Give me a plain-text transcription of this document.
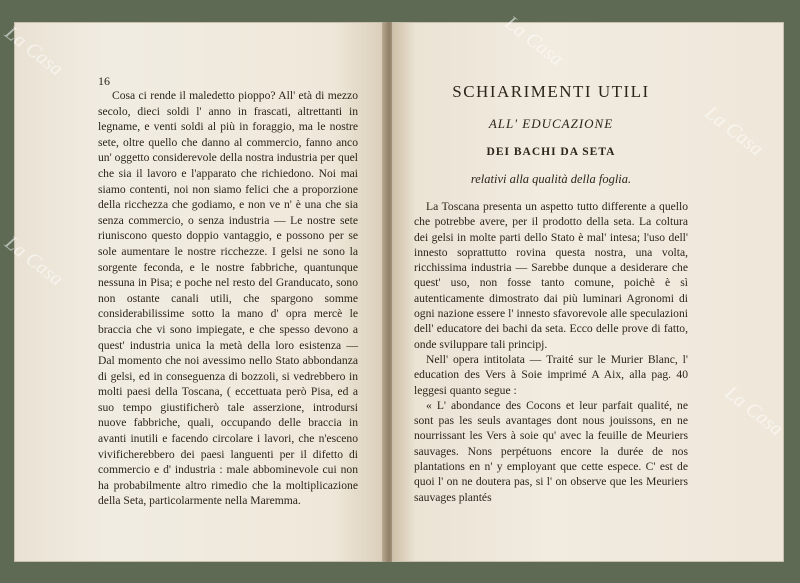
16

Cosa ci rende il maledetto pioppo? All' età di mezzo secolo, dieci soldi l' anno in frascati, altrettanti in legname, e venti soldi al più in foraggio, ma le nostre sete, oltre quello che danno al commercio, fanno anco un' oggetto considerevole della nostra industria per quel che sia il lavoro e l'apparato che richiedono. Noi mai siamo contenti, noi non siamo felici che a proporzione della ricchezza che godiamo, e non ve n' è una che sia senza commercio, o senza industria — Le nostre sete riuniscono questo doppio vantaggio, e possono per se sole aumentare le nostre ricchezze. I gelsi ne sono la sorgente feconda, e le nostre fabbriche, quantunque nessuna in Pisa; e poche nel resto del Granducato, sono non ostante canali utili, che spargono somme considerabilissime sotto la mano d' opra mercè le braccia che vi sono impiegate, e che spesso devono a quest' industria unica la metà della loro esistenza — Dal momento che noi avessimo nello Stato abbondanza di gelsi, ed in conseguenza di bozzoli, si vedrebbero in molti paesi della Toscana, ( eccettuata però Pisa, ed a suo tempo giustificherò tale asserzione, introdursi nuove fabbriche, quali, occupando delle braccia in avanti inutili e facendo circolare i lavori, che n'esceno vivificherebbero dei paesi languenti per il difetto di commercio e d' industria : male abbominevole cui non ha probabilmente altro rimedio che la moltiplicazione della Seta, particolarmente nella Maremma.

SCHIARIMENTI UTILI
ALL' EDUCAZIONE
DEI BACHI DA SETA
relativi alla qualità della foglia.

La Toscana presenta un aspetto tutto differente a quello che potrebbe avere, per il prodotto della seta. La coltura dei gelsi in molte parti dello Stato è mal' intesa; l'uso dell' innesto soprattutto rovina questa nostra, una volta, ricchissima industria — Sarebbe dunque a desiderare che quest' uso, non fosse tanto comune, poichè è sì autenticamente dimostrato dai più luminari Agronomi di ogni nazione essere l' innesto sfavorevole alle speculazioni dell' educatore dei bachi da seta. Ecco delle prove di fatto, onde sviluppare tali principj.

Nell' opera intitolata — Traité sur le Murier Blanc, l' education des Vers à Soie imprimé A Aix, alla pag. 40 leggesi quanto segue :

« L' abondance des Cocons et leur parfait qualité, ne sont pas les seuls avantages dont nous jouissons, en ne nourrissant les Vers à soie qu' avec la feuille de Meuriers sauvages. Nons perpétuons encore la durée de nos plantations en n' y employant que cette espece. C' est de quoi l' on ne doutera pas, si l' on observe que les Meuriers sauvages plantés

La Casa	La Casa
La Casa
La Casa
La Casa
